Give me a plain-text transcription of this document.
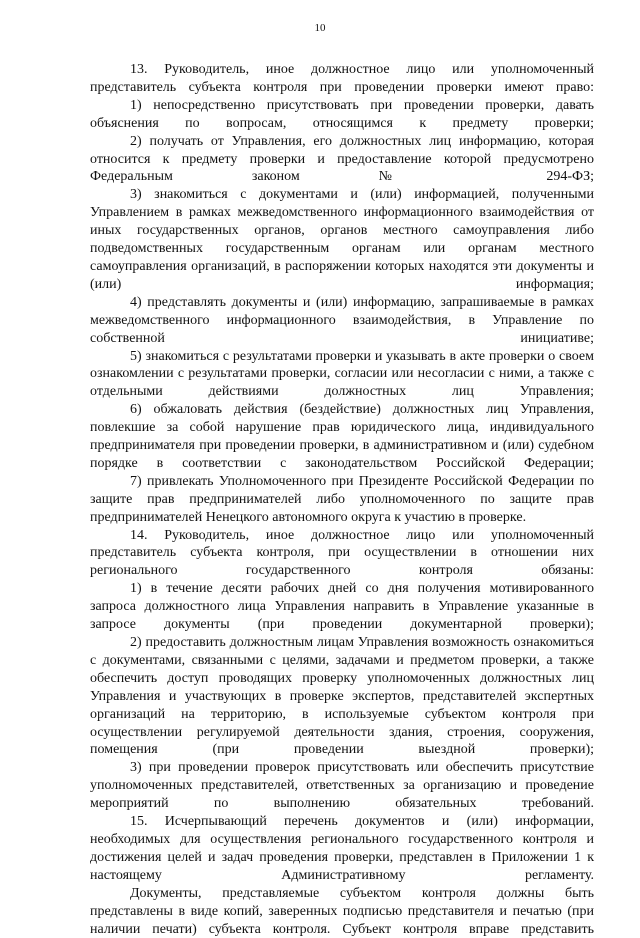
10

13. Руководитель, иное должностное лицо или уполномоченный представитель субъекта контроля при проведении проверки имеют право:

1) непосредственно присутствовать при проведении проверки, давать объяснения по вопросам, относящимся к предмету проверки;

2) получать от Управления, его должностных лиц информацию, которая относится к предмету проверки и предоставление которой предусмотрено Федеральным законом № 294-ФЗ;

3) знакомиться с документами и (или) информацией, полученными Управлением в рамках межведомственного информационного взаимодействия от иных государственных органов, органов местного самоуправления либо подведомственных государственным органам или органам местного самоуправления организаций, в распоряжении которых находятся эти документы и (или) информация;

4) представлять документы и (или) информацию, запрашиваемые в рамках межведомственного информационного взаимодействия, в Управление по собственной инициативе;

5) знакомиться с результатами проверки и указывать в акте проверки о своем ознакомлении с результатами проверки, согласии или несогласии с ними, а также с отдельными действиями должностных лиц Управления;

6) обжаловать действия (бездействие) должностных лиц Управления, повлекшие за собой нарушение прав юридического лица, индивидуального предпринимателя при проведении проверки, в административном и (или) судебном порядке в соответствии с законодательством Российской Федерации;

7) привлекать Уполномоченного при Президенте Российской Федерации по защите прав предпринимателей либо уполномоченного по защите прав предпринимателей Ненецкого автономного округа к участию в проверке.

14. Руководитель, иное должностное лицо или уполномоченный представитель субъекта контроля, при осуществлении в отношении них регионального государственного контроля обязаны:

1) в течение десяти рабочих дней со дня получения мотивированного запроса должностного лица Управления направить в Управление указанные в запросе документы (при проведении документарной проверки);

2) предоставить должностным лицам Управления возможность ознакомиться с документами, связанными с целями, задачами и предметом проверки, а также обеспечить доступ проводящих проверку уполномоченных должностных лиц Управления и участвующих в проверке экспертов, представителей экспертных организаций на территорию, в используемые субъектом контроля при осуществлении регулируемой деятельности здания, строения, сооружения, помещения (при проведении выездной проверки);

3) при проведении проверок присутствовать или обеспечить присутствие уполномоченных представителей, ответственных за организацию и проведение мероприятий по выполнению обязательных требований.

15. Исчерпывающий перечень документов и (или) информации, необходимых для осуществления регионального государственного контроля и достижения целей и задач проведения проверки, представлен в Приложении 1 к настоящему Административному регламенту.

Документы, представляемые субъектом контроля должны быть представлены в виде копий, заверенных подписью представителя и печатью (при наличии печати) субъекта контроля. Субъект контроля вправе представить
